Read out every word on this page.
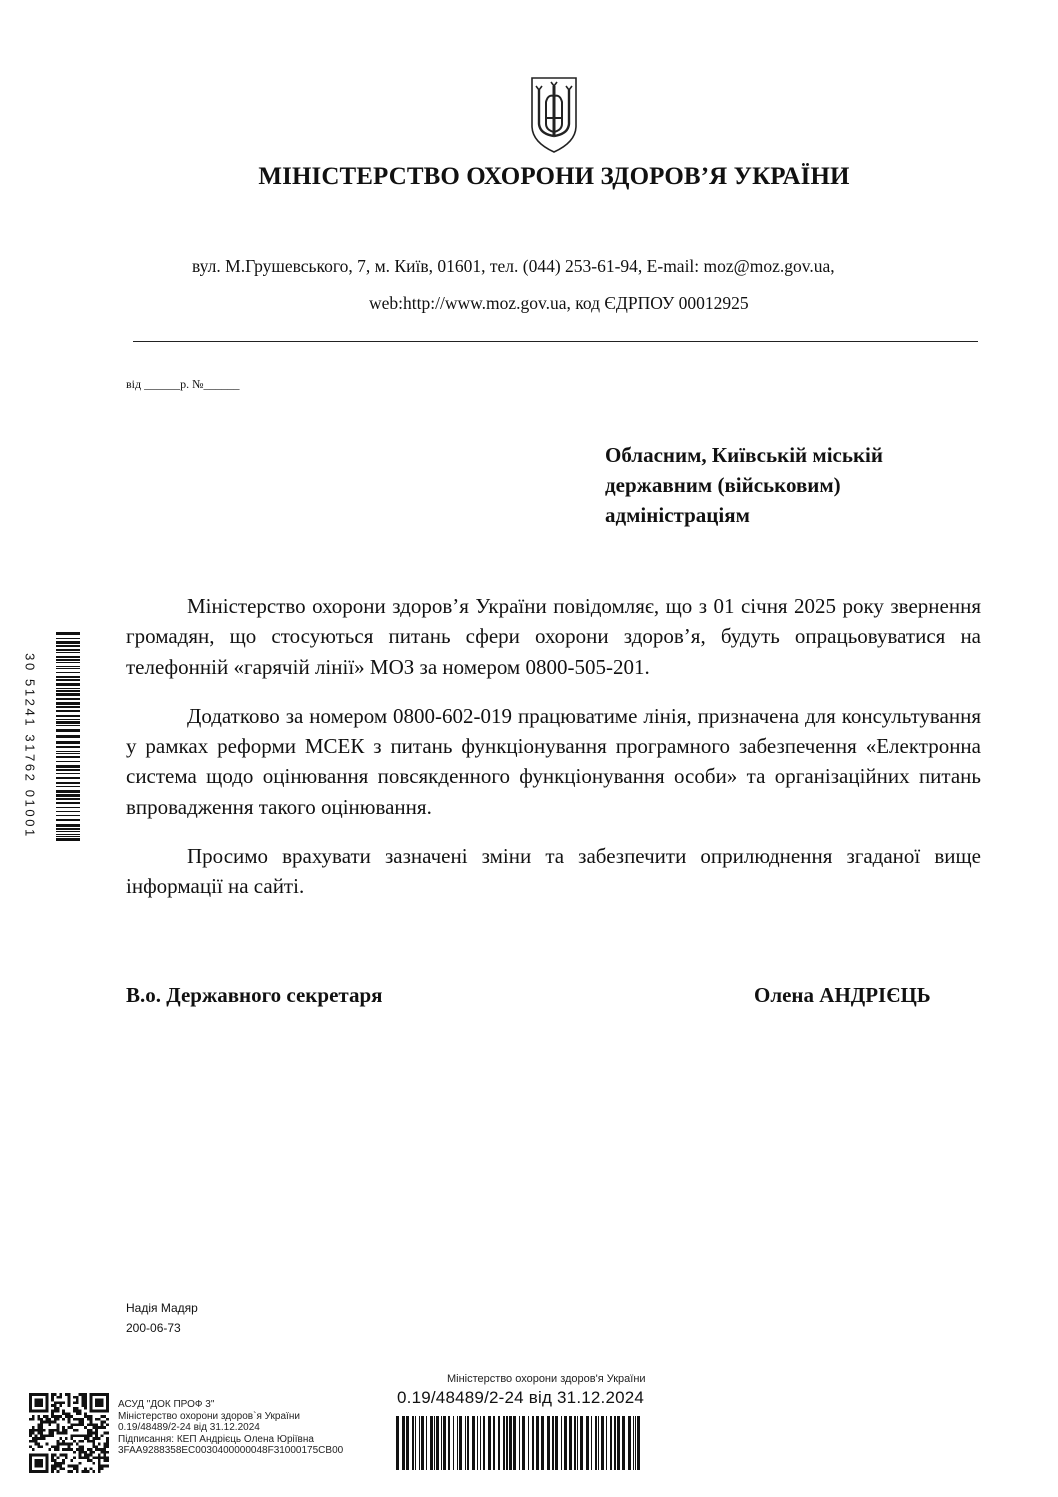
МІНІСТЕРСТВО ОХОРОНИ ЗДОРОВ’Я УКРАЇНИ
вул. М.Грушевського, 7, м. Київ, 01601, тел. (044) 253-61-94, E-mail: moz@moz.gov.ua,
web:http://www.moz.gov.ua, код ЄДРПОУ 00012925
від ______р. №______
Обласним, Київській міській
державним (військовим)
адміністраціям

Міністерство охорони здоров’я України повідомляє, що з 01 січня 2025 року звернення громадян, що стосуються питань сфери охорони здоров’я, будуть опрацьовуватися на телефонній «гарячій лінії» МОЗ за номером 0800-505-201.

Додатково за номером 0800-602-019 працюватиме лінія, призначена для консультування у рамках реформи МСЕК з питань функціонування програмного забезпечення «Електронна система щодо оцінювання повсякденного функціонування особи» та організаційних питань впровадження такого оцінювання.

Просимо врахувати зазначені зміни та забезпечити оприлюднення згаданої вище інформації на сайті.

В.о. Державного секретаря	Олена АНДРІЄЦЬ
Надія Мадяр
200-06-73
30 51241 31762 01001
АСУД "ДОК ПРОФ 3"
Міністерство охорони здоров`я України
0.19/48489/2-24 від 31.12.2024
Підписання: КЕП Андрієць Олена Юріївна
3FAA9288358EC0030400000048F31000175CB00
Міністерство охорони здоров'я України
0.19/48489/2-24 від 31.12.2024
